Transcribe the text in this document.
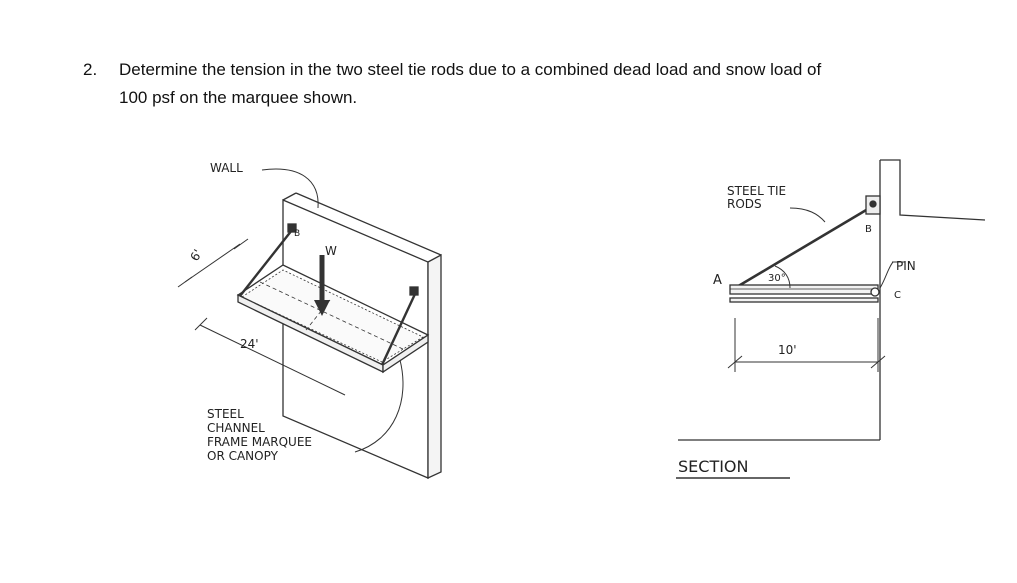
2. Determine the tension in the two steel tie rods due to a combined dead load and snow load of
100 psf on the marquee shown.
WALL
W
B
6'
24'
STEEL
CHANNEL
FRAME MARQUEE
OR CANOPY
STEEL TIE
RODS
A
B
C
30°
PIN
10'
SECTION
